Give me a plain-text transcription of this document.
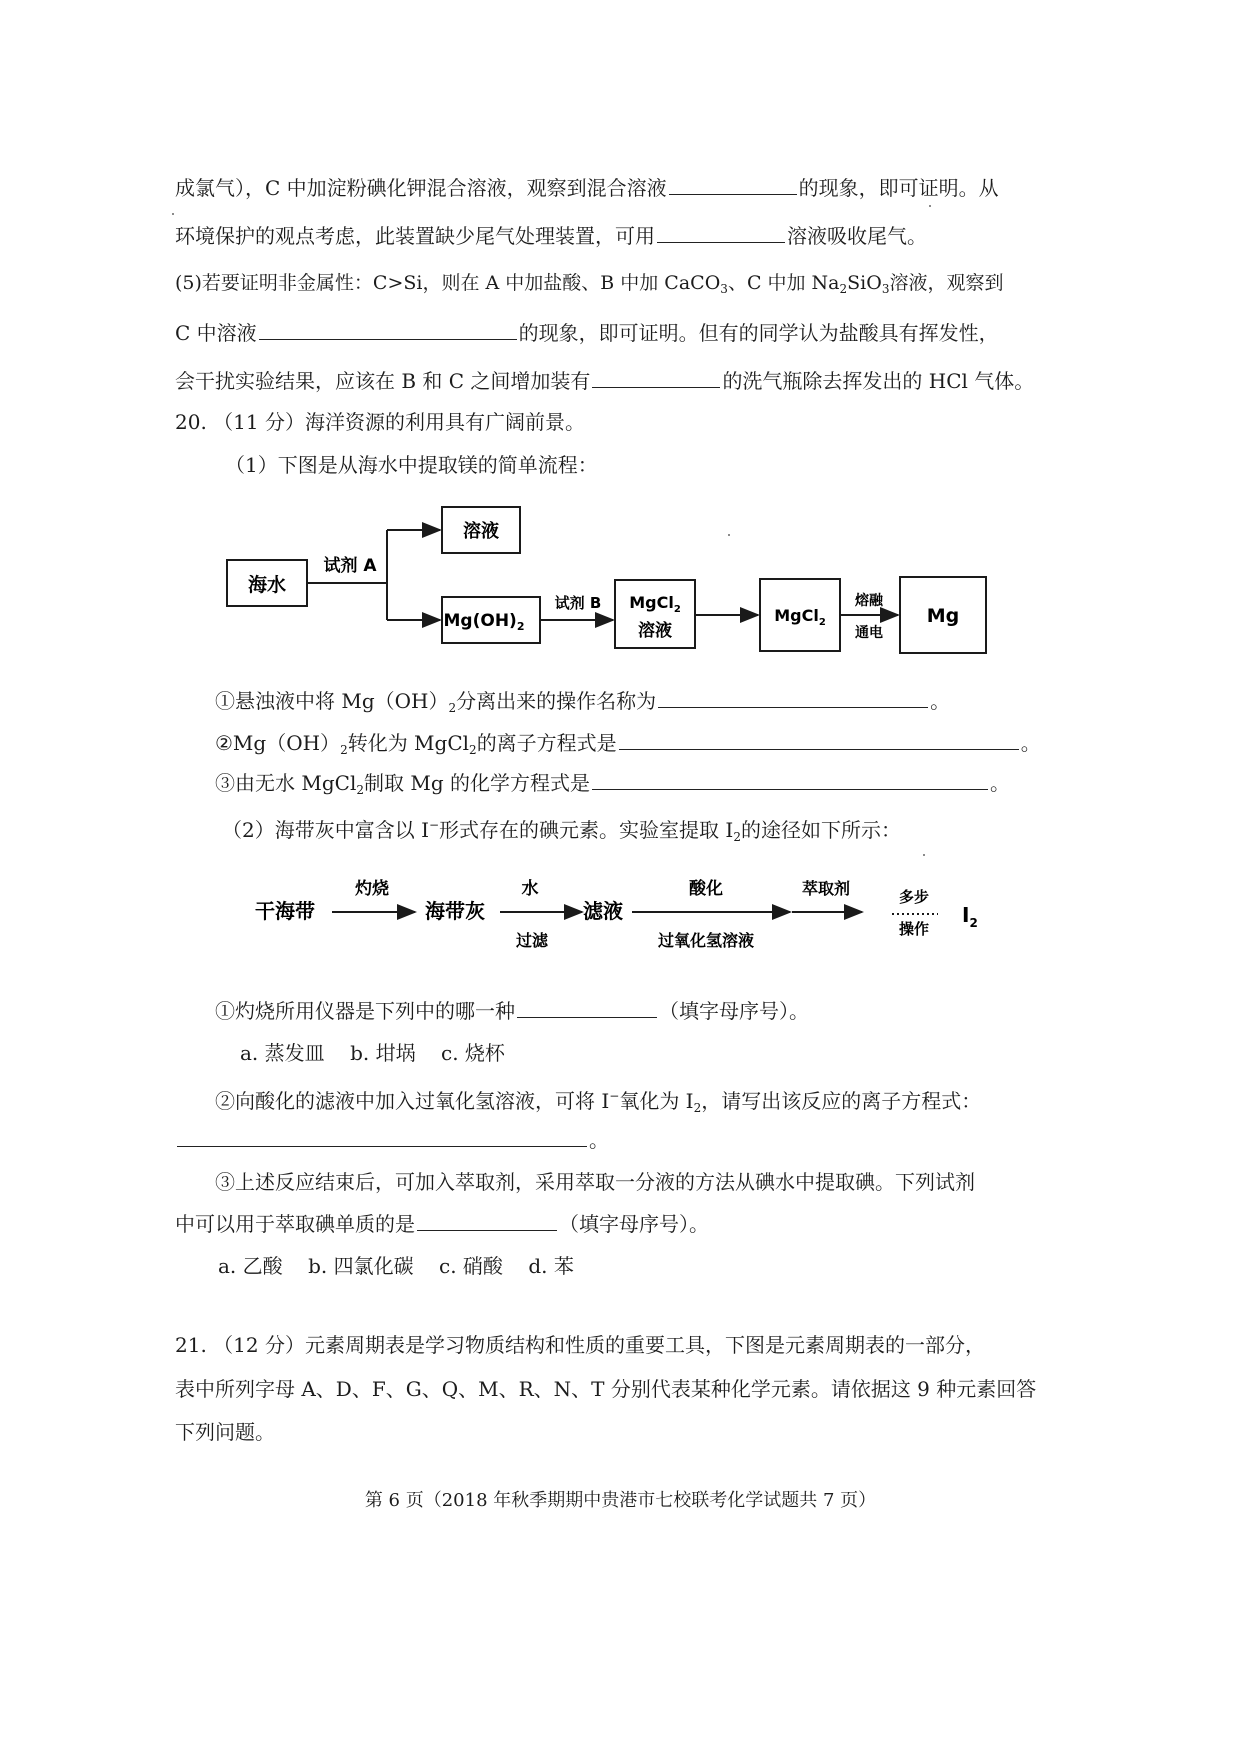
成氯气），C 中加淀粉碘化钾混合溶液，观察到混合溶液	的现象，即可证明。从
环境保护的观点考虑，此装置缺少尾气处理装置，可用	溶液吸收尾气。
(5)若要证明非金属性：C>Si，则在 A 中加盐酸、B 中加 CaCO$_3$、C 中加 $Na_2SiO_3$溶液，观察到
C 中溶液	的现象，即可证明。但有的同学认为盐酸具有挥发性，
会干扰实验结果，应该在 B 和 C 之间增加装有	的洗气瓶除去挥发出的 HCl 气体。
20. （11 分）海洋资源的利用具有广阔前景。
（1）下图是从海水中提取镁的简单流程：
海水
试剂 A
溶液
$Mg(OH)_2$
试剂 B MgCl$_2$
溶液
MgCl$_2$
熔融
通电
Mg
①悬浊液中将 $Mg(OH)_2$分离出来的操作名称为	。
$②Mg(OH)_2$转化为 MgCl$_2$的离子方程式是	。
③由无水 MgCl$_2$制取 Mg 的化学方程式是	。
（2）海带灰中富含以 I−形式存在的碘元素。实验室提取 $I_2$的途径如下所示：
干海带
灼烧
海带灰
水
过滤
滤液
酸化
过氧化氢溶液
萃取剂	多步
操作
$I_2$
①灼烧所用仪器是下列中的哪一种	（填字母序号）。
a. 蒸发皿    b. 坩埚    c. 烧杯
②向酸化的滤液中加入过氧化氢溶液，可将 I−氧化为 $I_2$，请写出该反应的离子方程式：
。
③上述反应结束后，可加入萃取剂，采用萃取一分液的方法从碘水中提取碘。下列试剂
中可以用于萃取碘单质的是	（填字母序号）。
a. 乙酸    b. 四氯化碳    c. 硝酸    d. 苯
21. （12 分）元素周期表是学习物质结构和性质的重要工具，下图是元素周期表的一部分，
表中所列字母 A、D、F、G、Q、M、R、N、T 分别代表某种化学元素。请依据这 9 种元素回答
下列问题。
第 6 页（2018 年秋季期期中贵港市七校联考化学试题共 7 页）
